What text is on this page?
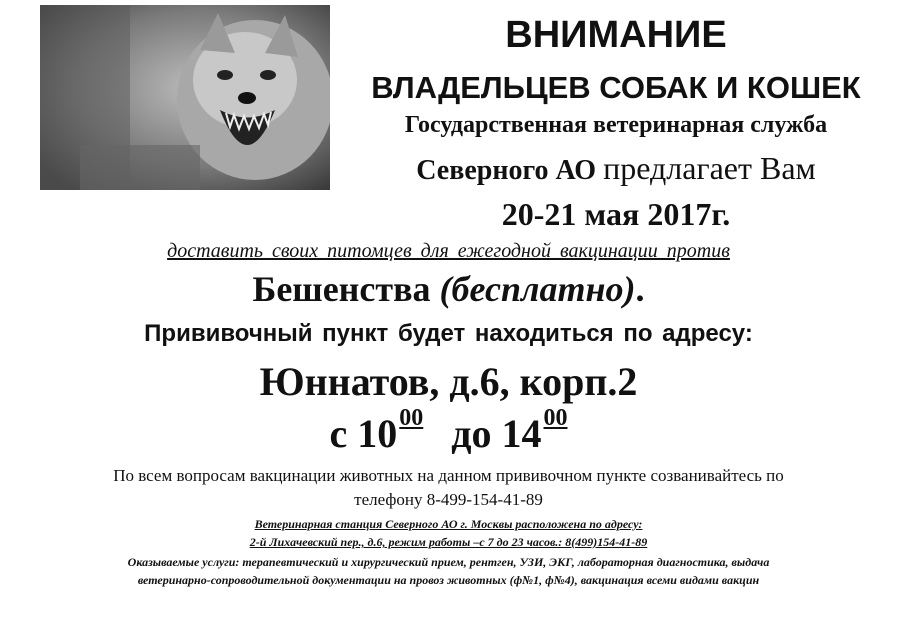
ВНИМАНИЕ
ВЛАДЕЛЬЦЕВ СОБАК И КОШЕК
Государственная ветеринарная служба
Северного АО предлагает Вам
20-21 мая 2017г.
доставить своих питомцев для ежегодной вакцинации против
Бешенства (бесплатно).
Прививочный пункт будет находиться по адресу:
Юннатов, д.6, корп.2
с $10^{00}$ до $14^{00}$
По всем вопросам вакцинации животных на данном прививочном пункте созванивайтесь по
телефону 8-499-154-41-89
Ветеринарная станция Северного АО г. Москвы расположена по адресу:
2-й Лихачевский пер., д.6, режим работы –с 7 до 23 часов.: 8(499)154-41-89
Оказываемые услуги: терапевтический и хирургический прием, рентген, УЗИ, ЭКГ, лабораторная диагностика, выдача
ветеринарно-сопроводительной документации на провоз животных (ф№1, ф№4), вакцинация всеми видами вакцин
